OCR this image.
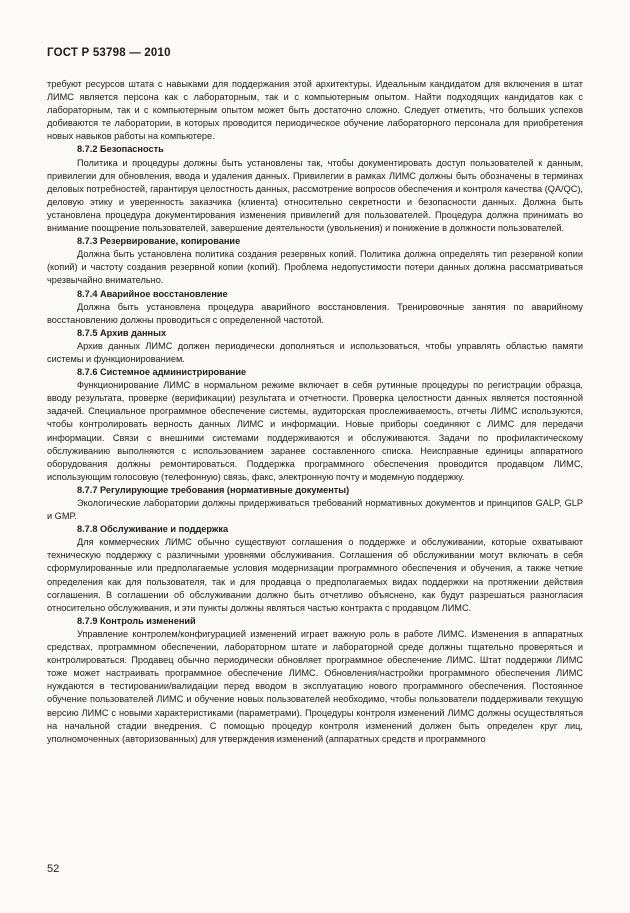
ГОСТ Р 53798 — 2010

требуют ресурсов штата с навыками для поддержания этой архитектуры. Идеальным кандидатом для включения в штат ЛИМС является персона как с лабораторным, так и с компьютерным опытом. Найти подходящих кандидатов как с лабораторным, так и с компьютерным опытом может быть достаточно сложно. Следует отметить, что больших успехов добиваются те лаборатории, в которых проводится периодическое обучение лабораторного персонала для приобретения новых навыков работы на компьютере.

8.7.2 Безопасность

Политика и процедуры должны быть установлены так, чтобы документировать доступ пользователей к данным, привилегии для обновления, ввода и удаления данных. Привилегии в рамках ЛИМС должны быть обозначены в терминах деловых потребностей, гарантируя целостность данных, рассмотрение вопросов обеспечения и контроля качества (QA/QC), деловую этику и уверенность заказчика (клиента) относительно секретности и безопасности данных. Должна быть установлена процедура документирования изменения привилегий для пользователей. Процедура должна принимать во внимание поощрение пользователей, завершение деятельности (увольнения) и понижение в должности пользователей.

8.7.3 Резервирование, копирование

Должна быть установлена политика создания резервных копий. Политика должна определять тип резервной копии (копий) и частоту создания резервной копии (копий). Проблема недопустимости потери данных должна рассматриваться чрезвычайно внимательно.

8.7.4 Аварийное восстановление

Должна быть установлена процедура аварийного восстановления. Тренировочные занятия по аварийному восстановлению должны проводиться с определенной частотой.

8.7.5 Архив данных

Архив данных ЛИМС должен периодически дополняться и использоваться, чтобы управлять областью памяти системы и функционированием.

8.7.6 Системное администрирование

Функционирование ЛИМС в нормальном режиме включает в себя рутинные процедуры по регистрации образца, вводу результата, проверке (верификации) результата и отчетности. Проверка целостности данных является постоянной задачей. Специальное программное обеспечение системы, аудиторская прослеживаемость, отчеты ЛИМС используются, чтобы контролировать верность данных ЛИМС и информации. Новые приборы соединяют с ЛИМС для передачи информации. Связи с внешними системами поддерживаются и обслуживаются. Задачи по профилактическому обслуживанию выполняются с использованием заранее составленного списка. Неисправные единицы аппаратного оборудования должны ремонтироваться. Поддержка программного обеспечения проводится продавцом ЛИМС, использующим голосовую (телефонную) связь, факс, электронную почту и модемную поддержку.

8.7.7 Регулирующие требования (нормативные документы)

Экологические лаборатории должны придерживаться требований нормативных документов и принципов GALP, GLP и GMP.

8.7.8 Обслуживание и поддержка

Для коммерческих ЛИМС обычно существуют соглашения о поддержке и обслуживании, которые охватывают техническую поддержку с различными уровнями обслуживания. Соглашения об обслуживании могут включать в себя сформулированные или предполагаемые условия модернизации программного обеспечения и обучения, а также четкие определения как для пользователя, так и для продавца о предполагаемых видах поддержки на протяжении действия соглашения. В соглашении об обслуживании должно быть отчетливо объяснено, как будут разрешаться разногласия относительно обслуживания, и эти пункты должны являться частью контракта с продавцом ЛИМС.

8.7.9 Контроль изменений

Управление контролем/конфигурацией изменений играет важную роль в работе ЛИМС. Изменения в аппаратных средствах, программном обеспечении, лабораторном штате и лабораторной среде должны тщательно проверяться и контролироваться. Продавец обычно периодически обновляет программное обеспечение ЛИМС. Штат поддержки ЛИМС тоже может настраивать программное обеспечение ЛИМС. Обновления/настройки программного обеспечения ЛИМС нуждаются в тестировании/валидации перед вводом в эксплуатацию нового программного обеспечения. Постоянное обучение пользователей ЛИМС и обучение новых пользователей необходимо, чтобы пользователи поддерживали текущую версию ЛИМС с новыми характеристиками (параметрами). Процедуры контроля изменений ЛИМС должны осуществляться на начальной стадии внедрения. С помощью процедур контроля изменений должен быть определен круг лиц, уполномоченных (авторизованных) для утверждения изменений (аппаратных средств и программного

52
